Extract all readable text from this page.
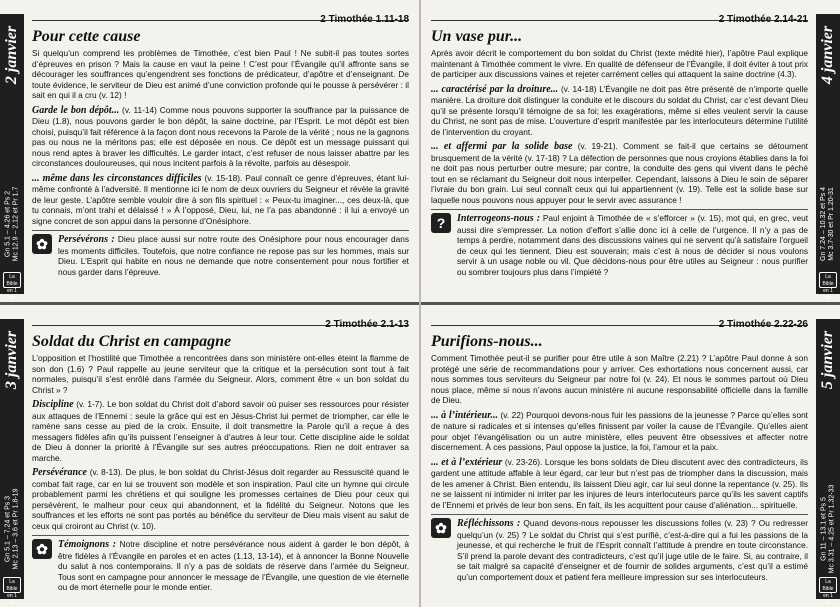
2 janvier
Gn 5.1 – 4.26 et Ps 2
Mc 12.9 – 2.12 et Pr 1.7
La Bible en 1 an
2 Timothée 1.11-18
Pour cette cause

Si quelqu’un comprend les problèmes de Timothée, c’est bien Paul ! Ne subit-il pas toutes sortes d’épreuves en prison ? Mais la cause en vaut la peine ! C’est pour l’Évangile qu’il affronte sans se décourager les souffrances qu’engendrent ses fonctions de prédicateur, d’apôtre et d’enseignant. De toute évidence, le serviteur de Dieu est animé d’une conviction profonde qui le pousse à persévérer : il sait en qui il a cru (v. 12) !

Garde le bon dépôt... (v. 11-14) Comme nous pouvons supporter la souffrance par la puissance de Dieu (1.8), nous pouvons garder le bon dépôt, la saine doctrine, par l’Esprit. Le mot dépôt est bien choisi, puisqu’il fait référence à la façon dont nous recevons la Parole de la vérité ; nous ne la gagnons pas ou nous ne la méritons pas; elle est déposée en nous. Ce dépôt est un message puissant qui nous rend aptes à braver les difficultés. Le garder intact, c’est refuser de nous laisser abattre par les circonstances douloureuses, qui nous incitent parfois à la révolte, parfois au désespoir.

... même dans les circonstances difficiles (v. 15-18). Paul connaît ce genre d’épreuves, étant lui-même confronté à l’adversité. Il mentionne ici le nom de deux ouvriers du Seigneur et révèle la gravité de leur geste. L’apôtre semble vouloir dire à son fils spirituel : « Peux-tu imaginer..., ces deux-là, que tu connais, m’ont trahi et délaissé ! » À l’opposé, Dieu, lui, ne l’a pas abandonné : il lui a envoyé un signe concret de son appui dans la personne d’Onésiphore.

✿	Persévérons : Dieu place aussi sur notre route des Onésiphore pour nous encourager dans les moments difficiles. Toutefois, que notre confiance ne repose pas sur les hommes, mais sur Dieu. L’Esprit qui habite en nous ne demande que notre consentement pour nous fortifier et nous garder dans l’épreuve.

3 janvier
Gn 5.1 – 7.24 et Ps 3
Mc 2.13 – 3.6 et Pr 1.8-19
La Bible en 1 an
2 Timothée 2.1-13
Soldat du Christ en campagne

L’opposition et l’hostilité que Timothée a rencontrées dans son ministère ont-elles éteint la flamme de son don (1.6) ? Paul rappelle au jeune serviteur que la critique et la persécution sont tout à fait normales, puisqu’il s’est enrôlé dans l’armée du Seigneur. Alors, comment être « un bon soldat du Christ » ?

Discipline (v. 1-7). Le bon soldat du Christ doit d’abord savoir où puiser ses ressources pour résister aux attaques de l’Ennemi : seule la grâce qui est en Jésus-Christ lui permet de triompher, car elle le ramène sans cesse au pied de la croix. Ensuite, il doit transmettre la Parole qu’il a reçue à des messagers fidèles afin qu’ils puissent l’enseigner à d’autres à leur tour. Cette discipline aide le soldat de Dieu à donner la priorité à l’Évangile sur ses autres préoccupations. Rien ne doit entraver sa marche.

Persévérance (v. 8-13). De plus, le bon soldat du Christ-Jésus doit regarder au Ressuscité quand le combat fait rage, car en lui se trouvent son modèle et son inspiration. Paul cite un hymne qui circule probablement parmi les chrétiens et qui souligne les promesses certaines de Dieu pour ceux qui persévèrent, le malheur pour ceux qui abandonnent, et la fidélité du Seigneur. Notons que les souffrances et les efforts ne sont pas portés au bénéfice du serviteur de Dieu mais visent au salut de ceux qui croiront au Christ (v. 10).

✿	Témoignons : Notre discipline et notre persévérance nous aident à garder le bon dépôt, à être fidèles à l’Évangile en paroles et en actes (1.13, 13-14), et à annoncer la Bonne Nouvelle du salut à nos contemporains. Il n’y a pas de soldats de réserve dans l’armée du Seigneur. Tous sont en campagne pour annoncer le message de l’Évangile, une question de vie éternelle ou de mort éternelle pour le monde entier.

4 janvier
Gn 7.24 – 10.32 et Ps 4
Mc 3.7-30 et Pr 1.20-31
La Bible en 1 an
2 Timothée 2.14-21
Un vase pur...

Après avoir décrit le comportement du bon soldat du Christ (texte médité hier), l’apôtre Paul explique maintenant à Timothée comment le vivre. En qualité de défenseur de l’Évangile, il doit éviter à tout prix de participer aux discussions vaines et rejeter carrément celles qui attaquent la saine doctrine (4.3).

... caractérisé par la droiture... (v. 14-18) L’Évangile ne doit pas être présenté de n’importe quelle manière. La droiture doit distinguer la conduite et le discours du soldat du Christ, car c’est devant Dieu qu’il se présente lorsqu’il témoigne de sa foi; les exagérations, même si elles veulent servir la cause du Christ, ne sont pas de mise. L’ouverture d’esprit manifestée par les interlocuteurs détermine l’utilité de l’intervention du croyant.

... et affermi par la solide base (v. 19-21). Comment se fait-il que certains se détournent brusquement de la vérité (v. 17-18) ? La défection de personnes que nous croyions établies dans la foi ne doit pas nous perturber outre mesure; par contre, la conduite des gens qui vivent dans le péché tout en se réclamant du Seigneur doit nous interpeller. Cependant, laissons à Dieu le soin de séparer l’ivraie du bon grain. Lui seul connaît ceux qui lui appartiennent (v. 19). Telle est la solide base sur laquelle nous pouvons nous appuyer pour le servir avec assurance !

?	Interrogeons-nous : Paul enjoint à Timothée de « s’efforcer » (v. 15), mot qui, en grec, veut aussi dire s’empresser. La notion d’effort s’allie donc ici à celle de l’urgence. Il n’y a pas de temps à perdre, notamment dans des discussions vaines qui ne servent qu’à satisfaire l’orgueil de ceux qui les tiennent. Dieu est souverain; mais c’est à nous de décider si nous voulons servir à un usage noble ou vil. Que décidons-nous pour être utiles au Seigneur : nous purifier ou sombrer toujours plus dans l’impiété ?

5 janvier
Gn 11 – 13.1 et Ps 5
Mc 3.31 – 4.25 et Pr 1.32-33
La Bible en 1 an
2 Timothée 2.22-26
Purifions-nous...

Comment Timothée peut-il se purifier pour être utile à son Maître (2.21) ? L’apôtre Paul donne à son protégé une série de recommandations pour y arriver. Ces exhortations nous concernent aussi, car nous sommes tous serviteurs du Seigneur par notre foi (v. 24). Et nous le sommes partout où Dieu nous place, même si nous n’avons aucun ministère ni aucune responsabilité officielle dans la famille de Dieu.

... à l’intérieur... (v. 22) Pourquoi devons-nous fuir les passions de la jeunesse ? Parce qu’elles sont de nature si radicales et si intenses qu’elles finissent par voiler la cause de l’Évangile. Qu’elles aient pour objet l’évangélisation ou un autre ministère, elles peuvent être obsessives et affecter notre discernement. À ces passions, Paul oppose la justice, la foi, l’amour et la paix.

... et à l’extérieur (v. 23-26). Lorsque les bons soldats de Dieu discutent avec des contradicteurs, ils gardent une attitude affable à leur égard, car leur but n’est pas de triompher dans la discussion, mais de les amener à Christ. Bien entendu, ils laissent Dieu agir, car lui seul donne la repentance (v. 25). Ils ne se laissent ni intimider ni irriter par les injures de leurs interlocuteurs parce qu’ils les savent captifs de l’Ennemi et privés de leur bon sens. En fait, ils les acquittent pour cause d’aliénation... spirituelle.

✿	Réfléchissons : Quand devons-nous repousser les discussions folles (v. 23) ? Ou redresser quelqu’un (v. 25) ? Le soldat du Christ qui s’est purifié, c’est-à-dire qui a fui les passions de la jeunesse, et qui recherche le fruit de l’Esprit connaît l’attitude à prendre en toute circonstance. S’il prend la parole devant des contradicteurs, c’est qu’il juge utile de le faire. Si, au contraire, il se tait malgré sa capacité d’enseigner et de fournir de solides arguments, c’est qu’il a estimé qu’un comportement doux et patient fera meilleure impression sur ses interlocuteurs.
